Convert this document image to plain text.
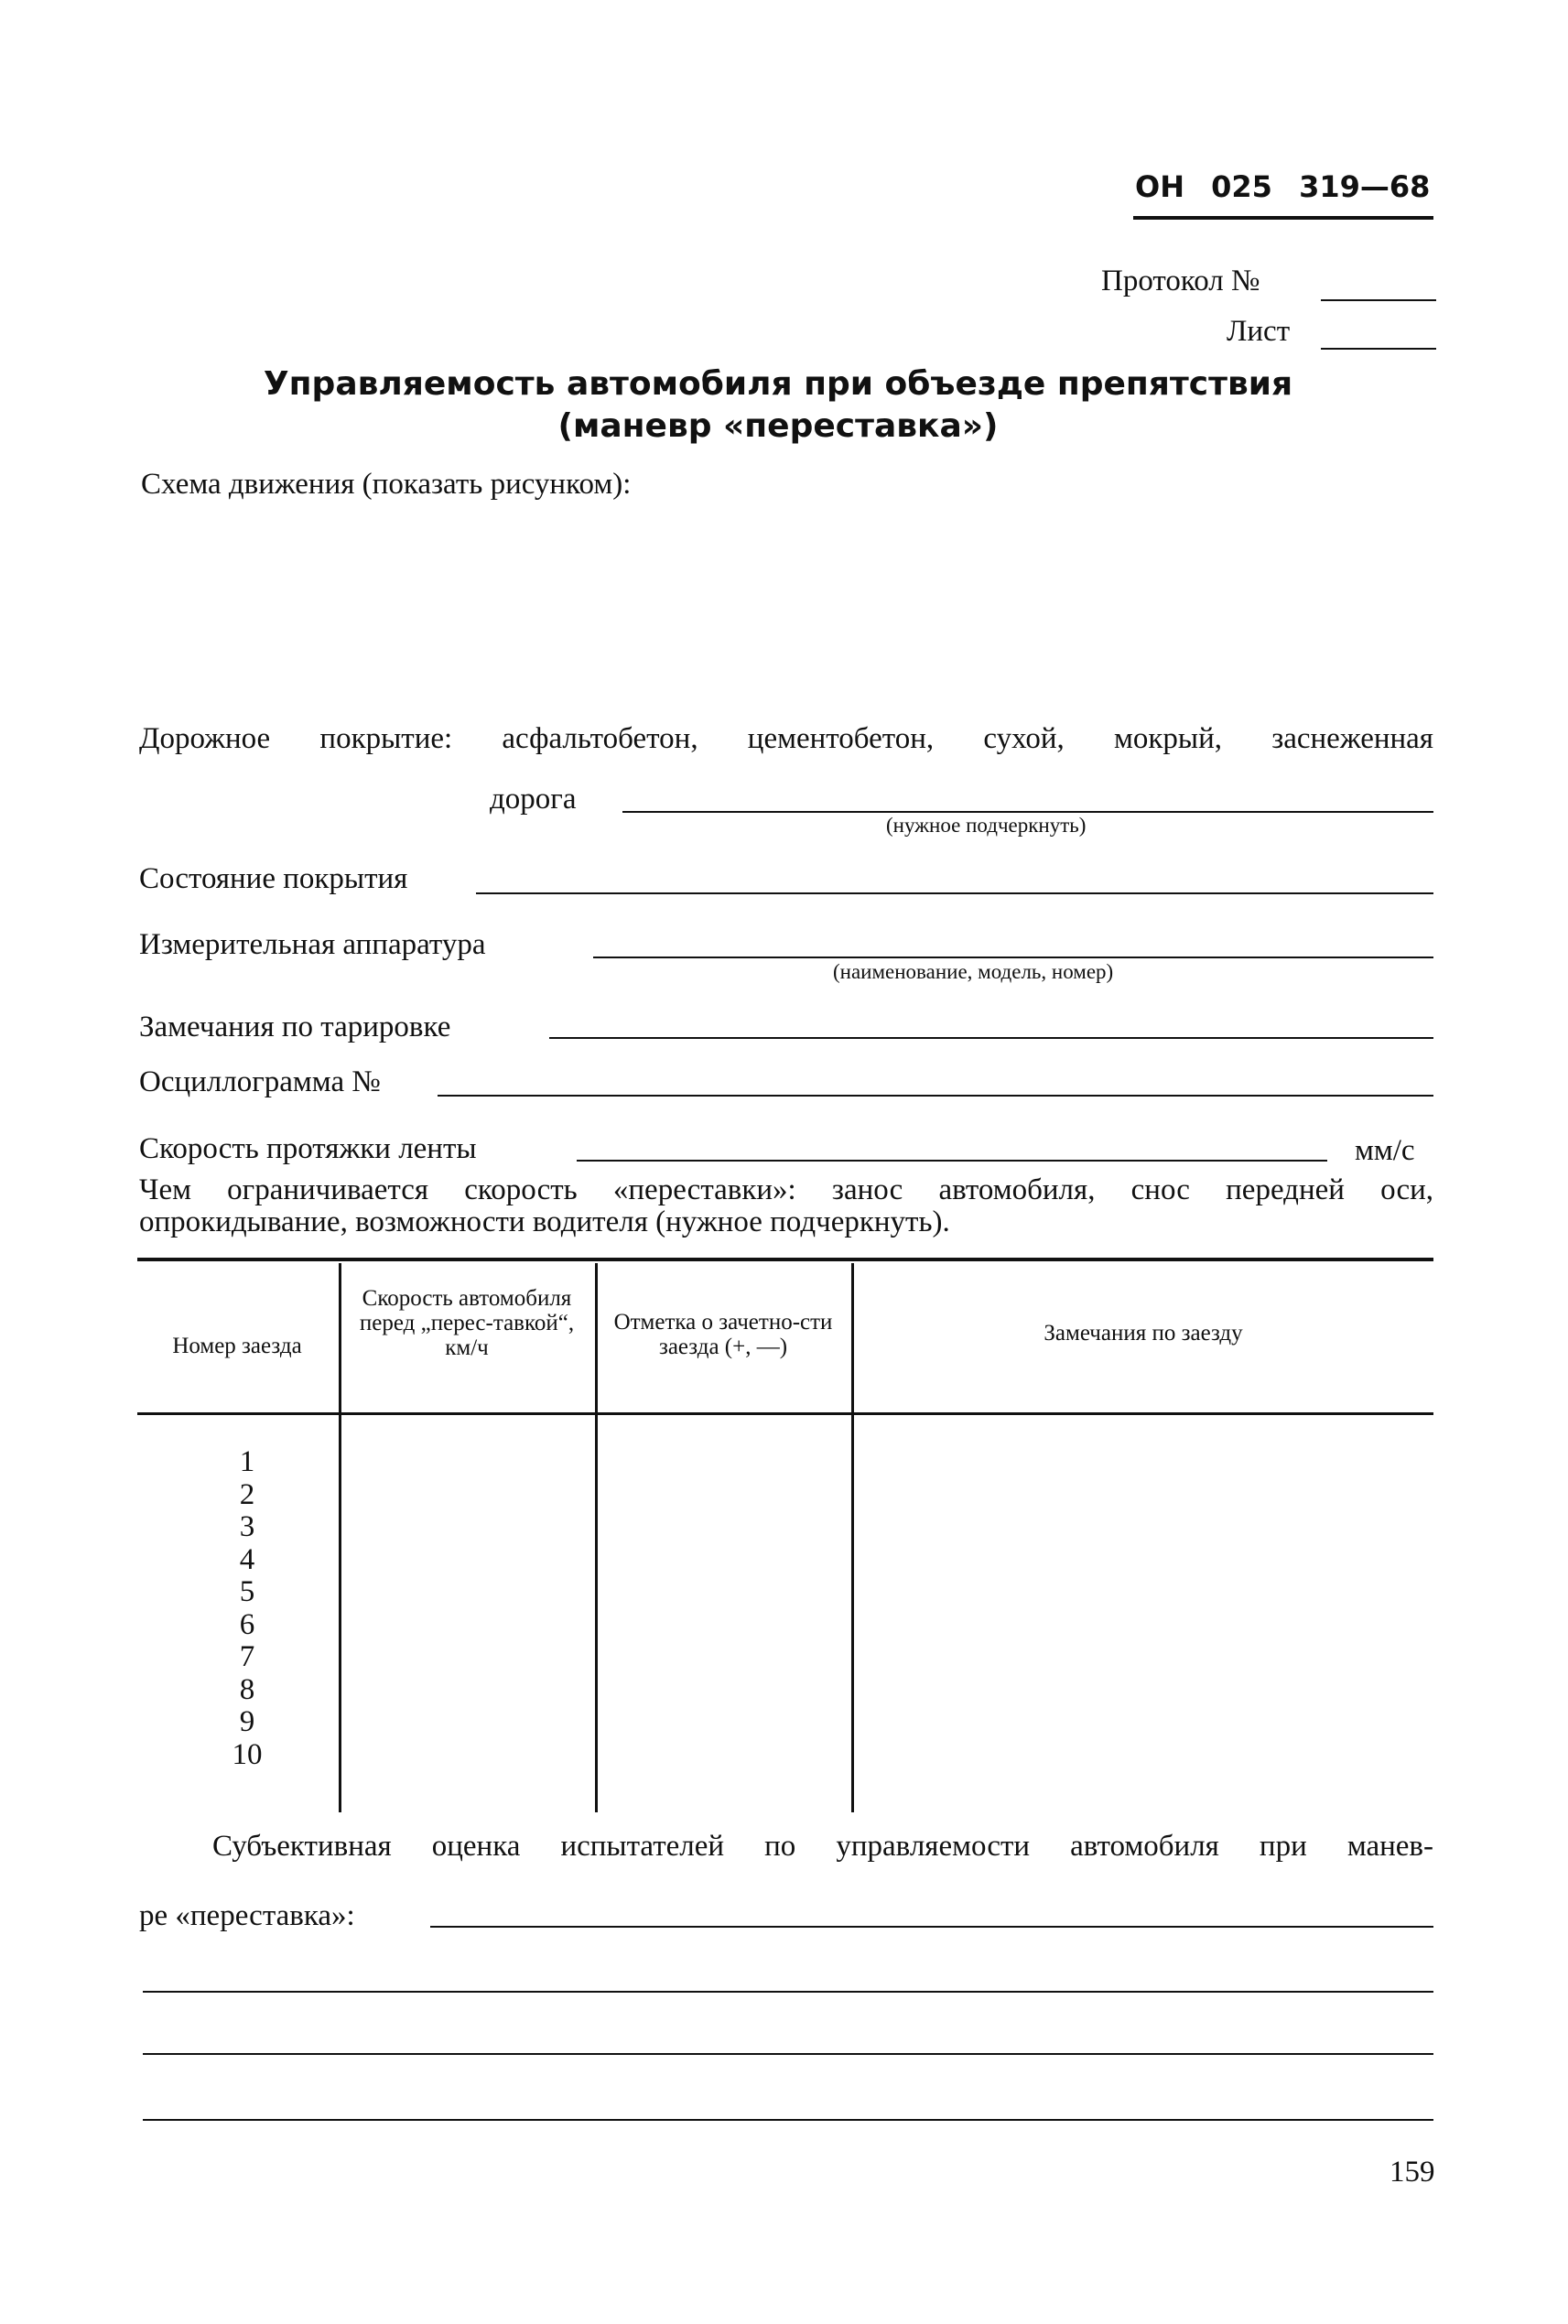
ОН 025 319—68
Протокол №
Лист
Управляемость автомобиля при объезде препятствия
(маневр «переставка»)
Схема движения (показать рисунком):
Дорожное покрытие: асфальтобетон, цементобетон, сухой, мокрый, заснеженная
дорога
(нужное подчеркнуть)
Состояние покрытия
Измерительная аппаратура
(наименование, модель, номер)
Замечания по тарировке
Осциллограмма №
Скорость протяжки ленты	мм/с
Чем ограничивается скорость «переставки»: занос автомобиля, снос передней оси,
опрокидывание, возможности водителя (нужное подчеркнуть).
Номер заезда
Скорость автомобиля перед „перес-тавкой“, км/ч
Отметка о зачетно-сти заезда (+, —)
Замечания по заезду
1
2
3
4
5
6
7
8
9
10
Субъективная оценка испытателей по управляемости автомобиля при манев-
ре «переставка»:
159
